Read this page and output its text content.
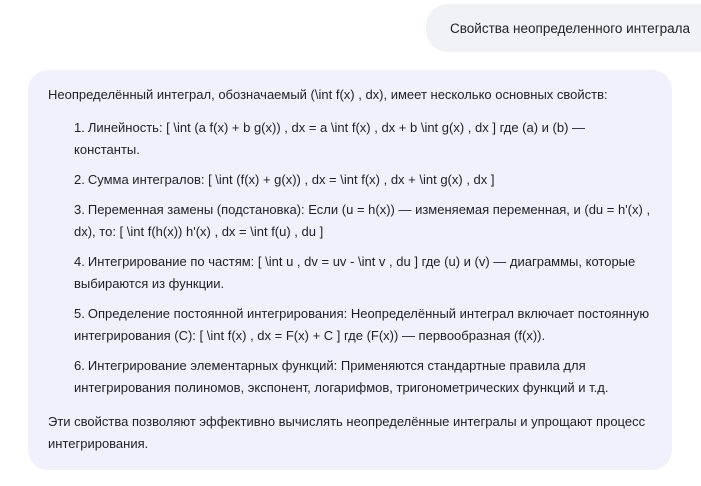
Свойства неопределенного интеграла

Неопределённый интеграл, обозначаемый (\int f(x) , dx), имеет несколько основных свойств:

1. Линейность: [ \int (a f(x) + b g(x)) , dx = a \int f(x) , dx + b \int g(x) , dx ] где (a) и (b) — константы.
2. Сумма интегралов: [ \int (f(x) + g(x)) , dx = \int f(x) , dx + \int g(x) , dx ]
3. Переменная замены (подстановка): Если (u = h(x)) — изменяемая переменная, и (du = h'(x) , dx), то: [ \int f(h(x)) h'(x) , dx = \int f(u) , du ]
4. Интегрирование по частям: [ \int u , dv = uv - \int v , du ] где (u) и (v) — диаграммы, которые выбираются из функции.
5. Определение постоянной интегрирования: Неопределённый интеграл включает постоянную интегрирования (C): [ \int f(x) , dx = F(x) + C ] где (F(x)) — первообразная (f(x)).
6. Интегрирование элементарных функций: Применяются стандартные правила для интегрирования полиномов, экспонент, логарифмов, тригонометрических функций и т.д.

Эти свойства позволяют эффективно вычислять неопределённые интегралы и упрощают процесс интегрирования.
